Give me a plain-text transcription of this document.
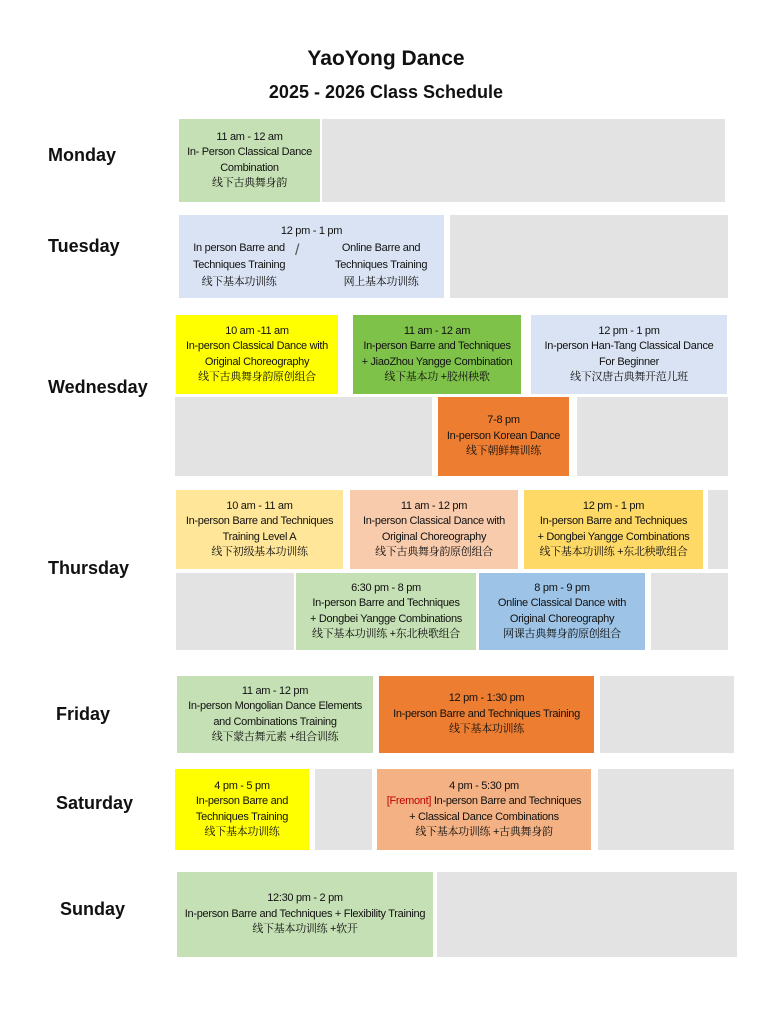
YaoYong Dance
2025 - 2026 Class Schedule
Monday
Tuesday
Wednesday
Thursday
Friday
Saturday
Sunday
11 am - 12 am
In- Person Classical Dance
Combination
线下古典舞身韵
12 pm - 1 pm
In person Barre and
Techniques Training
线下基本功训练
/	Online Barre and
Techniques Training
网上基本功训练
10 am -11 am
In-person Classical Dance with
Original Choreography
线下古典舞身韵原创组合
11 am - 12 am
In-person Barre and Techniques
+ JiaoZhou Yangge Combination
线下基本功 +胶州秧歌
12 pm - 1 pm
In-person Han-Tang Classical Dance
For Beginner
线下汉唐古典舞开范儿班
7-8 pm
In-person Korean Dance
线下朝鲜舞训练
10 am - 11 am
In-person Barre and Techniques
Training Level A
线下初级基本功训练
11 am - 12 pm
In-person Classical Dance with
Original Choreography
线下古典舞身韵原创组合
12 pm - 1 pm
In-person Barre and Techniques
+ Dongbei Yangge Combinations
线下基本功训练 +东北秧歌组合
6:30 pm - 8 pm
In-person Barre and Techniques
+ Dongbei Yangge Combinations
线下基本功训练 +东北秧歌组合
8 pm - 9 pm
Online Classical Dance with
Original Choreography
网课古典舞身韵原创组合
11 am - 12 pm
In-person Mongolian Dance Elements
and Combinations Training
线下蒙古舞元素 +组合训练
12 pm - 1:30 pm
In-person Barre and Techniques Training
线下基本功训练
4 pm - 5 pm
In-person Barre and
Techniques Training
线下基本功训练
4 pm - 5:30 pm
[Fremont] In-person Barre and Techniques
+ Classical Dance Combinations
线下基本功训练 +古典舞身韵
12:30 pm - 2 pm
In-person Barre and Techniques + Flexibility Training
线下基本功训练 +软开
